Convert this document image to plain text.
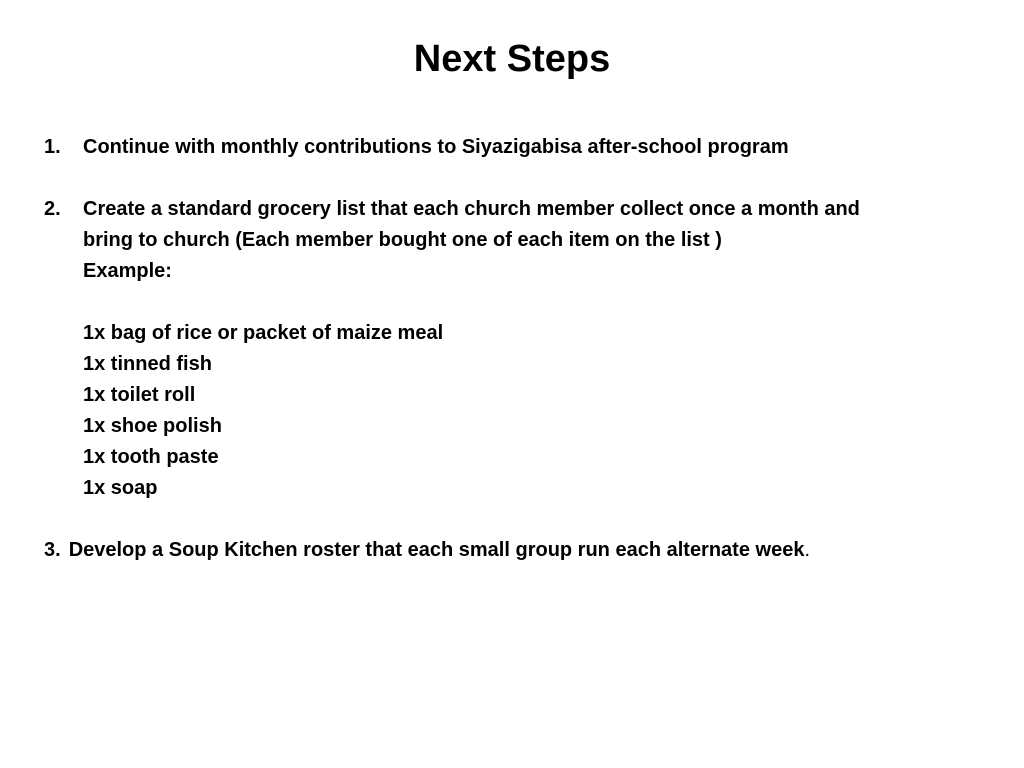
Next Steps
1. Continue with monthly contributions to Siyazigabisa after-school program
2. Create a standard grocery list that each church member collect once a month and
bring to church (Each member bought one of each item on the list )
Example:
1x bag of rice or packet of maize meal
1x tinned fish
1x toilet roll
1x shoe polish
1x tooth paste
1x soap
3. Develop a Soup Kitchen roster that each small group run each alternate week.
